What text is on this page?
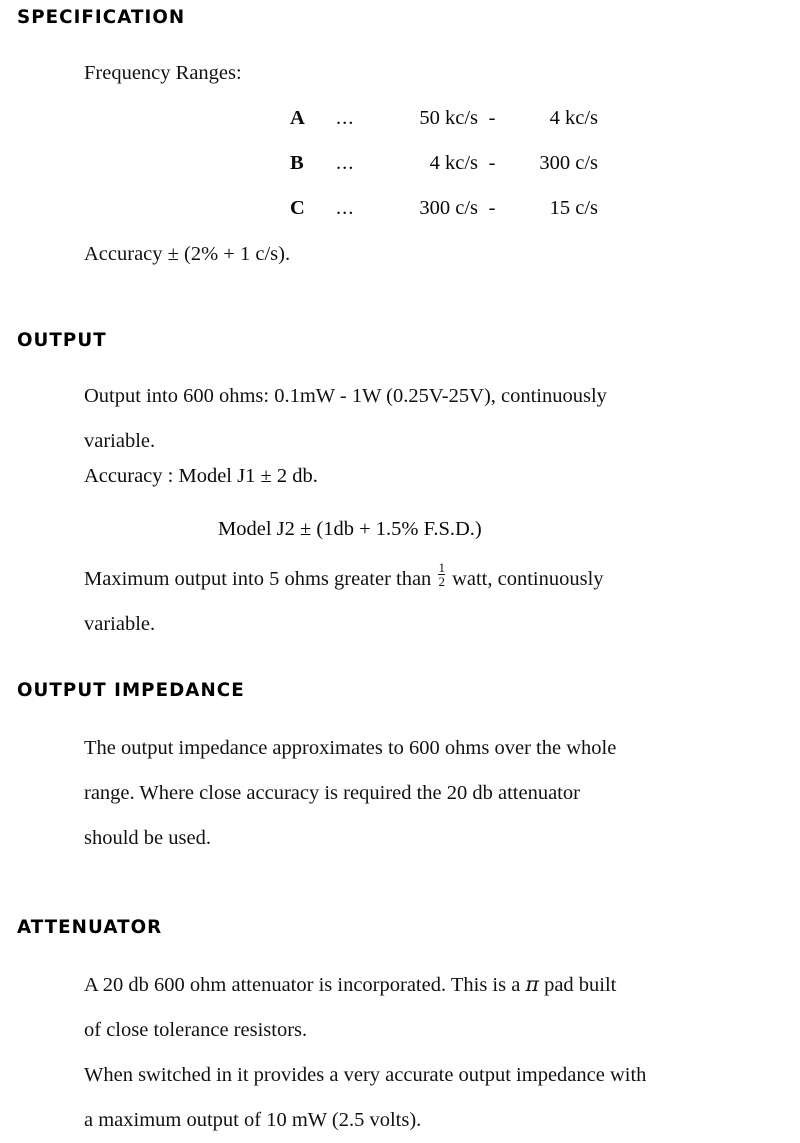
SPECIFICATION
Frequency Ranges:
A	...	50 kc/s	-	4 kc/s
B	...	4 kc/s	-	300 c/s
C	...	300 c/s	-	15 c/s
Accuracy ± (2% + 1 c/s).
OUTPUT
Output into 600 ohms: 0.1mW - 1W (0.25V-25V), continuously
variable.
Accuracy : Model J1 ± 2 db.
Model J2 ± (1db + 1.5% F.S.D.)
Maximum output into 5 ohms greater than $\frac{1}{2}$ watt, continuously
variable.
OUTPUT IMPEDANCE
The output impedance approximates to 600 ohms over the whole
range. Where close accuracy is required the 20 db attenuator
should be used.
ATTENUATOR
A 20 db 600 ohm attenuator is incorporated. This is a π pad built
of close tolerance resistors.
When switched in it provides a very accurate output impedance with
a maximum output of 10 mW (2.5 volts).
